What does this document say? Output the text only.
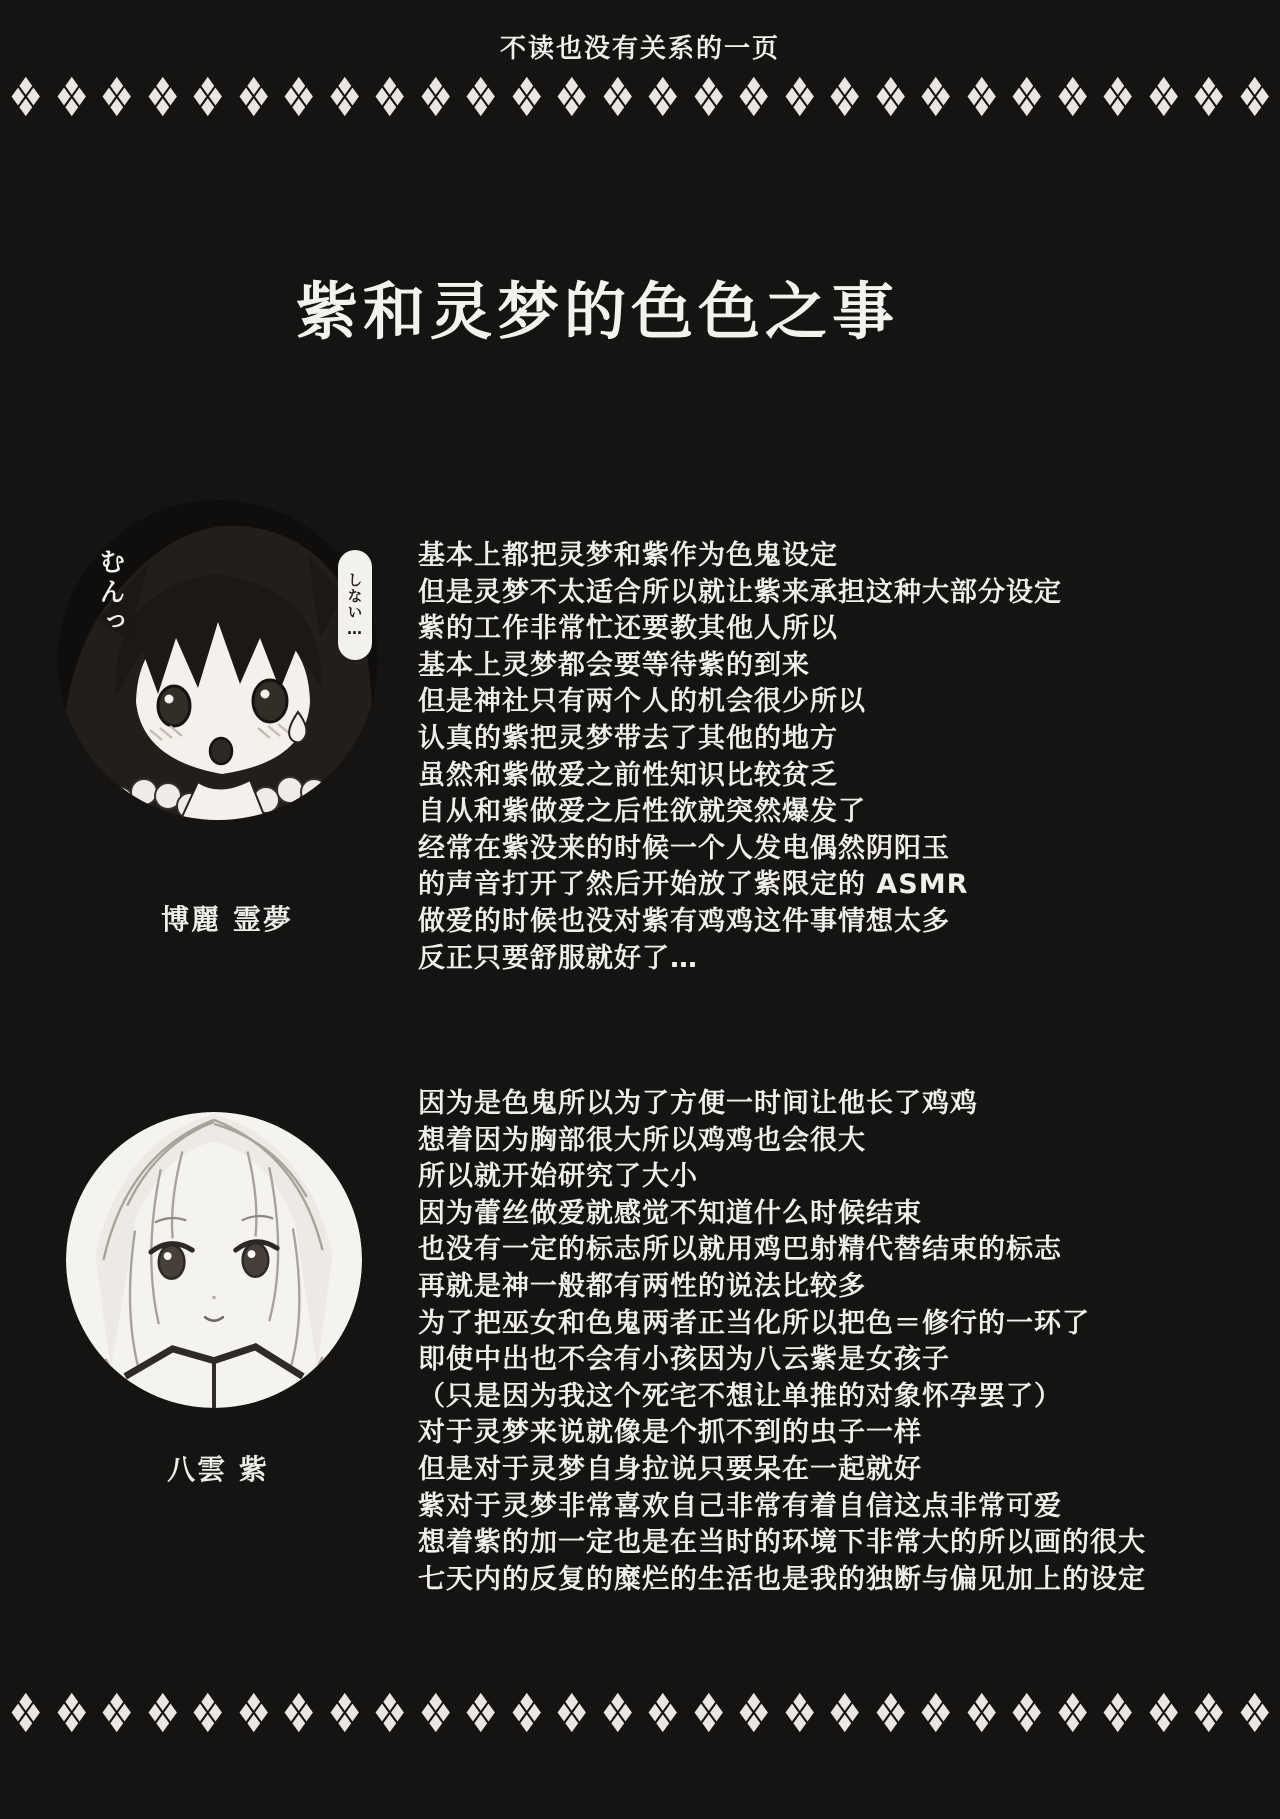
不读也没有关系的一页
❖ ❖ ❖ ❖ ❖ ❖ ❖ ❖ ❖ ❖ ❖ ❖ ❖ ❖ ❖ ❖ ❖ ❖ ❖ ❖ ❖ ❖ ❖ ❖ ❖ ❖ ❖ ❖
紫和灵梦的色色之事
むんっ	しない…
博麗 霊夢
基本上都把灵梦和紫作为色鬼设定
但是灵梦不太适合所以就让紫来承担这种大部分设定
紫的工作非常忙还要教其他人所以
基本上灵梦都会要等待紫的到来
但是神社只有两个人的机会很少所以
认真的紫把灵梦带去了其他的地方
虽然和紫做爱之前性知识比较贫乏
自从和紫做爱之后性欲就突然爆发了
经常在紫没来的时候一个人发电偶然阴阳玉
的声音打开了然后开始放了紫限定的 ASMR
做爱的时候也没对紫有鸡鸡这件事情想太多
反正只要舒服就好了…
八雲 紫
因为是色鬼所以为了方便一时间让他长了鸡鸡
想着因为胸部很大所以鸡鸡也会很大
所以就开始研究了大小
因为蕾丝做爱就感觉不知道什么时候结束
也没有一定的标志所以就用鸡巴射精代替结束的标志
再就是神一般都有两性的说法比较多
为了把巫女和色鬼两者正当化所以把色＝修行的一环了
即使中出也不会有小孩因为八云紫是女孩子
（只是因为我这个死宅不想让单推的对象怀孕罢了）
对于灵梦来说就像是个抓不到的虫子一样
但是对于灵梦自身拉说只要呆在一起就好
紫对于灵梦非常喜欢自己非常有着自信这点非常可爱
想着紫的加一定也是在当时的环境下非常大的所以画的很大
七天内的反复的糜烂的生活也是我的独断与偏见加上的设定
❖ ❖ ❖ ❖ ❖ ❖ ❖ ❖ ❖ ❖ ❖ ❖ ❖ ❖ ❖ ❖ ❖ ❖ ❖ ❖ ❖ ❖ ❖ ❖ ❖ ❖ ❖ ❖
